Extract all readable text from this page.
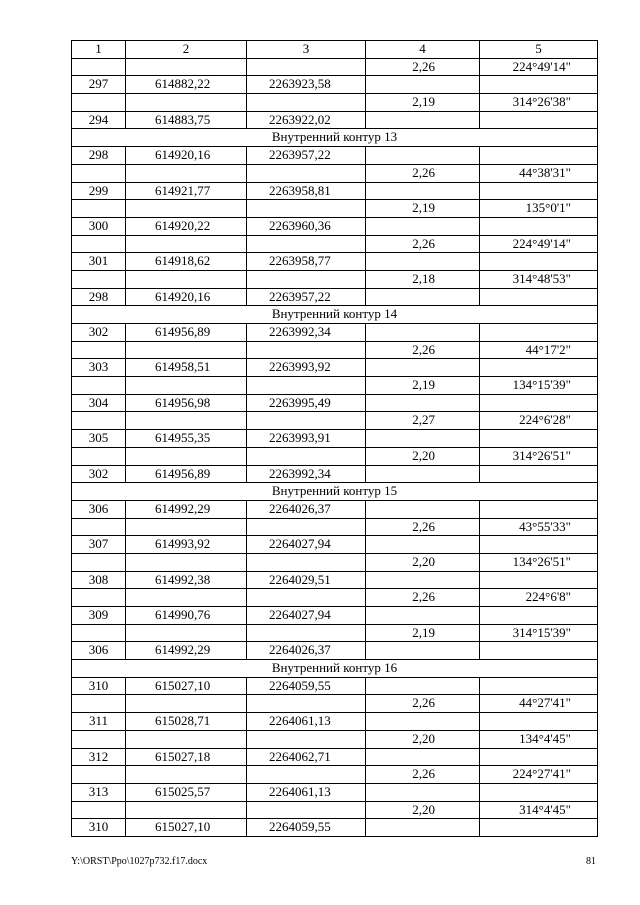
1	2	3	4	5
			2,26	224°49'14"
297	614882,22	2263923,58		
			2,19	314°26'38"
294	614883,75	2263922,02		
Внутренний контур 13				
298	614920,16	2263957,22		
			2,26	44°38'31"
299	614921,77	2263958,81		
			2,19	135°0'1"
300	614920,22	2263960,36		
			2,26	224°49'14"
301	614918,62	2263958,77		
			2,18	314°48'53"
298	614920,16	2263957,22		
Внутренний контур 14				
302	614956,89	2263992,34		
			2,26	44°17'2"
303	614958,51	2263993,92		
			2,19	134°15'39"
304	614956,98	2263995,49		
			2,27	224°6'28"
305	614955,35	2263993,91		
			2,20	314°26'51"
302	614956,89	2263992,34		
Внутренний контур 15				
306	614992,29	2264026,37		
			2,26	43°55'33"
307	614993,92	2264027,94		
			2,20	134°26'51"
308	614992,38	2264029,51		
			2,26	224°6'8"
309	614990,76	2264027,94		
			2,19	314°15'39"
306	614992,29	2264026,37		
Внутренний контур 16				
310	615027,10	2264059,55		
			2,26	44°27'41"
311	615028,71	2264061,13		
			2,20	134°4'45"
312	615027,18	2264062,71		
			2,26	224°27'41"
313	615025,57	2264061,13		
			2,20	314°4'45"
310	615027,10	2264059,55		
Y:\ORST\Ppo\1027p732.f17.docx	81
